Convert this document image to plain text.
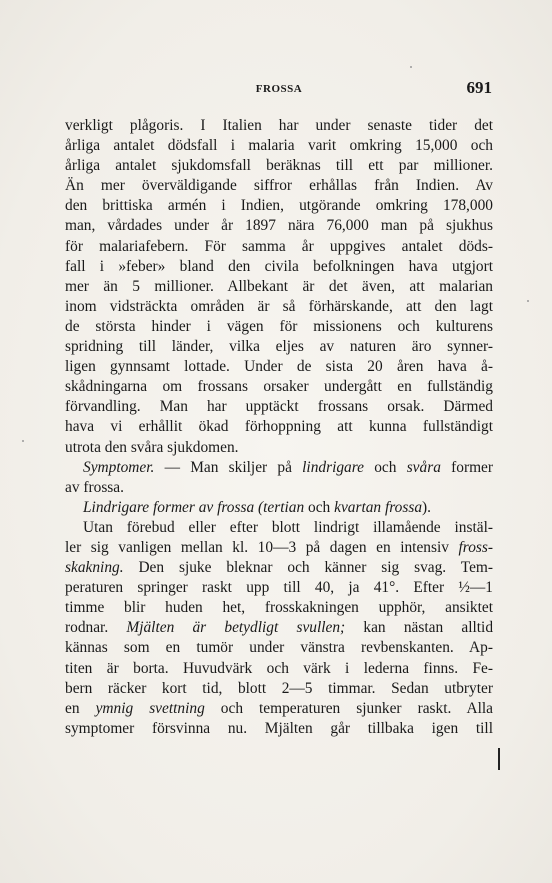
FROSSA	691
verkligt plågoris. I Italien har under senaste tider det
årliga antalet dödsfall i malaria varit omkring 15,000 och
årliga antalet sjukdomsfall beräknas till ett par millioner.
Än mer överväldigande siffror erhållas från Indien. Av
den brittiska armén i Indien, utgörande omkring 178,000
man, vårdades under år 1897 nära 76,000 man på sjukhus
för malariafebern. För samma år uppgives antalet döds-
fall i »feber» bland den civila befolkningen hava utgjort
mer än 5 millioner. Allbekant är det även, att malarian
inom vidsträckta områden är så förhärskande, att den lagt
de största hinder i vägen för missionens och kulturens
spridning till länder, vilka eljes av naturen äro synner-
ligen gynnsamt lottade. Under de sista 20 åren hava å-
skådningarna om frossans orsaker undergått en fullständig
förvandling. Man har upptäckt frossans orsak. Därmed
hava vi erhållit ökad förhoppning att kunna fullständigt
utrota den svåra sjukdomen.
Symptomer. — Man skiljer på lindrigare och svåra former
av frossa.
Lindrigare former av frossa (tertian och kvartan frossa).
Utan förebud eller efter blott lindrigt illamående instäl-
ler sig vanligen mellan kl. 10—3 på dagen en intensiv fross-
skakning. Den sjuke bleknar och känner sig svag. Tem-
peraturen springer raskt upp till 40, ja 41°. Efter ½—1
timme blir huden het, frosskakningen upphör, ansiktet
rodnar. Mjälten är betydligt svullen; kan nästan alltid
kännas som en tumör under vänstra revbenskanten. Ap-
titen är borta. Huvudvärk och värk i lederna finns. Fe-
bern räcker kort tid, blott 2—5 timmar. Sedan utbryter
en ymnig svettning och temperaturen sjunker raskt. Alla
symptomer försvinna nu. Mjälten går tillbaka igen till
